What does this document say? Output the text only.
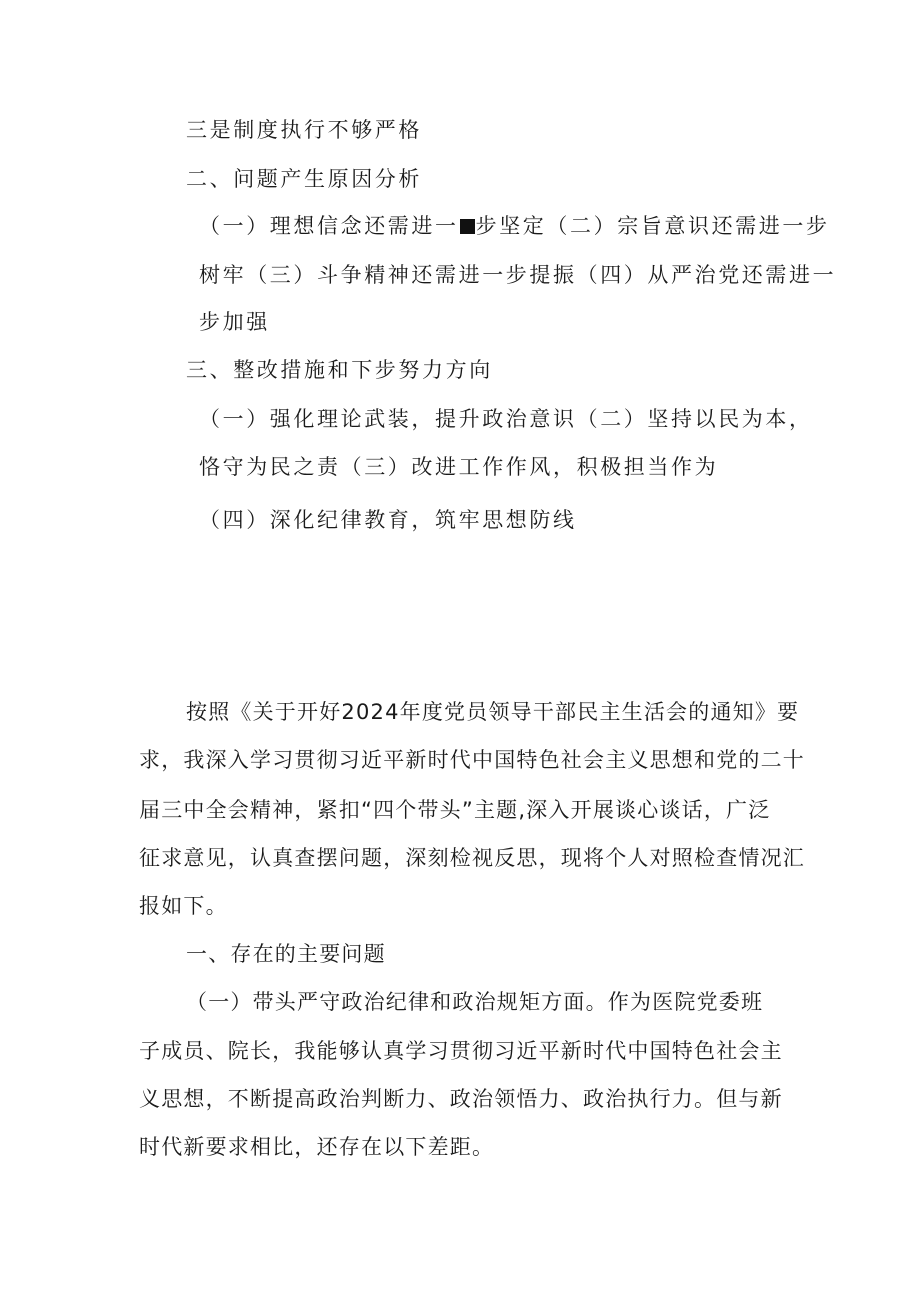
三是制度执行不够严格
二、问题产生原因分析
（一）理想信念还需进一 步坚定（二）宗旨意识还需进一步
树牢（三）斗争精神还需进一步提振（四）从严治党还需进一
步加强
三、整改措施和下步努力方向
（一）强化理论武装，提升政治意识（二）坚持以民为本，
恪守为民之责（三）改进工作作风，积极担当作为
（四）深化纪律教育，筑牢思想防线
按照《关于开好2024年度党员领导干部民主生活会的通知》要
求，我深入学习贯彻习近平新时代中国特色社会主义思想和党的二十
届三中全会精神，紧扣“四个带头”主题,深入开展谈心谈话，广泛
征求意见，认真查摆问题，深刻检视反思，现将个人对照检查情况汇
报如下。
一、存在的主要问题
（一）带头严守政治纪律和政治规矩方面。作为医院党委班
子成员、院长，我能够认真学习贯彻习近平新时代中国特色社会主
义思想，不断提高政治判断力、政治领悟力、政治执行力。但与新
时代新要求相比，还存在以下差距。
